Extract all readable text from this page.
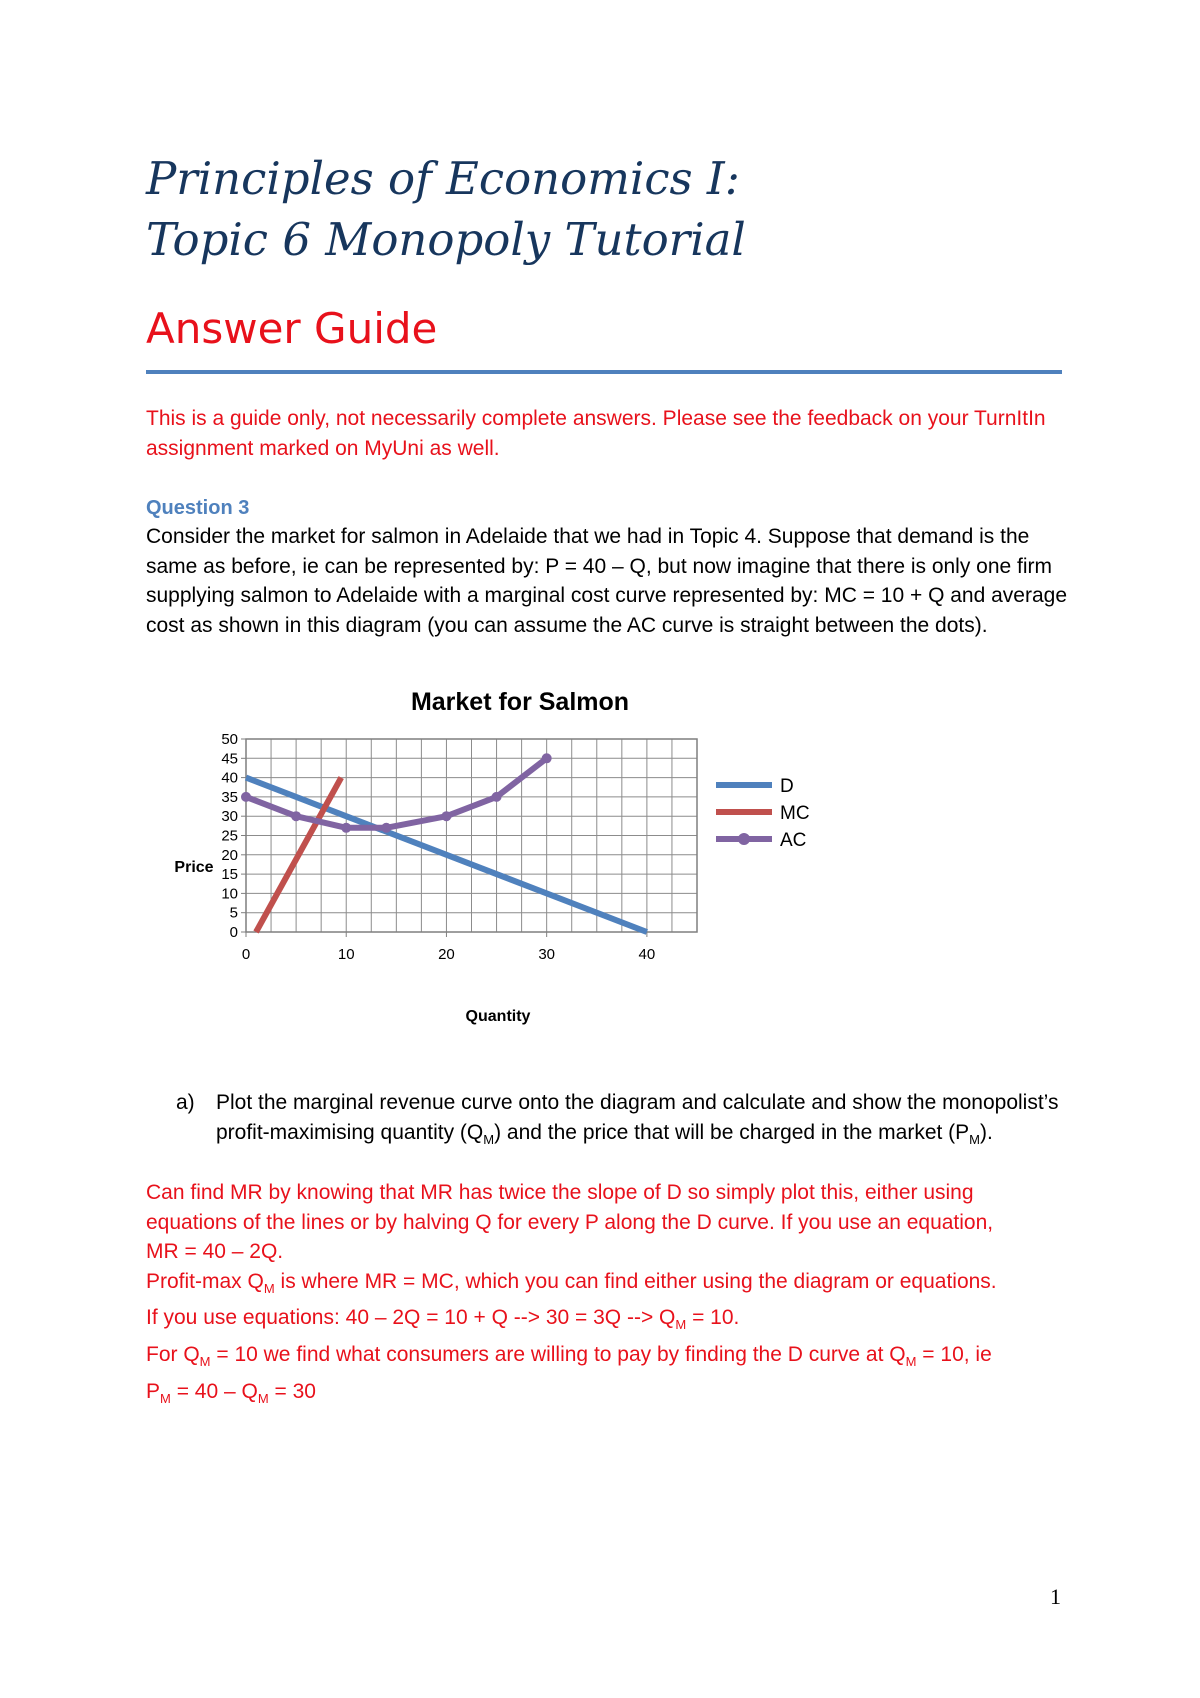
Principles of Economics I:
Topic 6 Monopoly Tutorial
Answer Guide
This is a guide only, not necessarily complete answers. Please see the feedback on your TurnItIn assignment marked on MyUni as well.
Question 3
Consider the market for salmon in Adelaide that we had in Topic 4. Suppose that demand is the same as before, ie can be represented by: P = 40 – Q, but now imagine that there is only one firm supplying salmon to Adelaide with a marginal cost curve represented by: MC = 10 + Q and average cost as shown in this diagram (you can assume the AC curve is straight between the dots).
Market for Salmon
0
5
10
15
20
25
30
35
40
45
50
0	10	20	30	40
Price
Quantity
D
MC
AC
a) Plot the marginal revenue curve onto the diagram and calculate and show the monopolist’s profit-maximising quantity $(Q_M)$ and the price that will be charged in the market $(P_M)$.
Can find MR by knowing that MR has twice the slope of D so simply plot this, either using
equations of the lines or by halving Q for every P along the D curve. If you use an equation,
MR = 40 – 2Q.
Profit-max $Q_M$ is where MR = MC, which you can find either using the diagram or equations.
If you use equations: 40 – 2Q = 10 + Q --> 30 = 3Q --> $Q_M = 10$.
For $Q_M = 10$ we find what consumers are willing to pay by finding the D curve at $Q_M = 10$, ie
$P_M = 40 - Q_M = 30$
1
